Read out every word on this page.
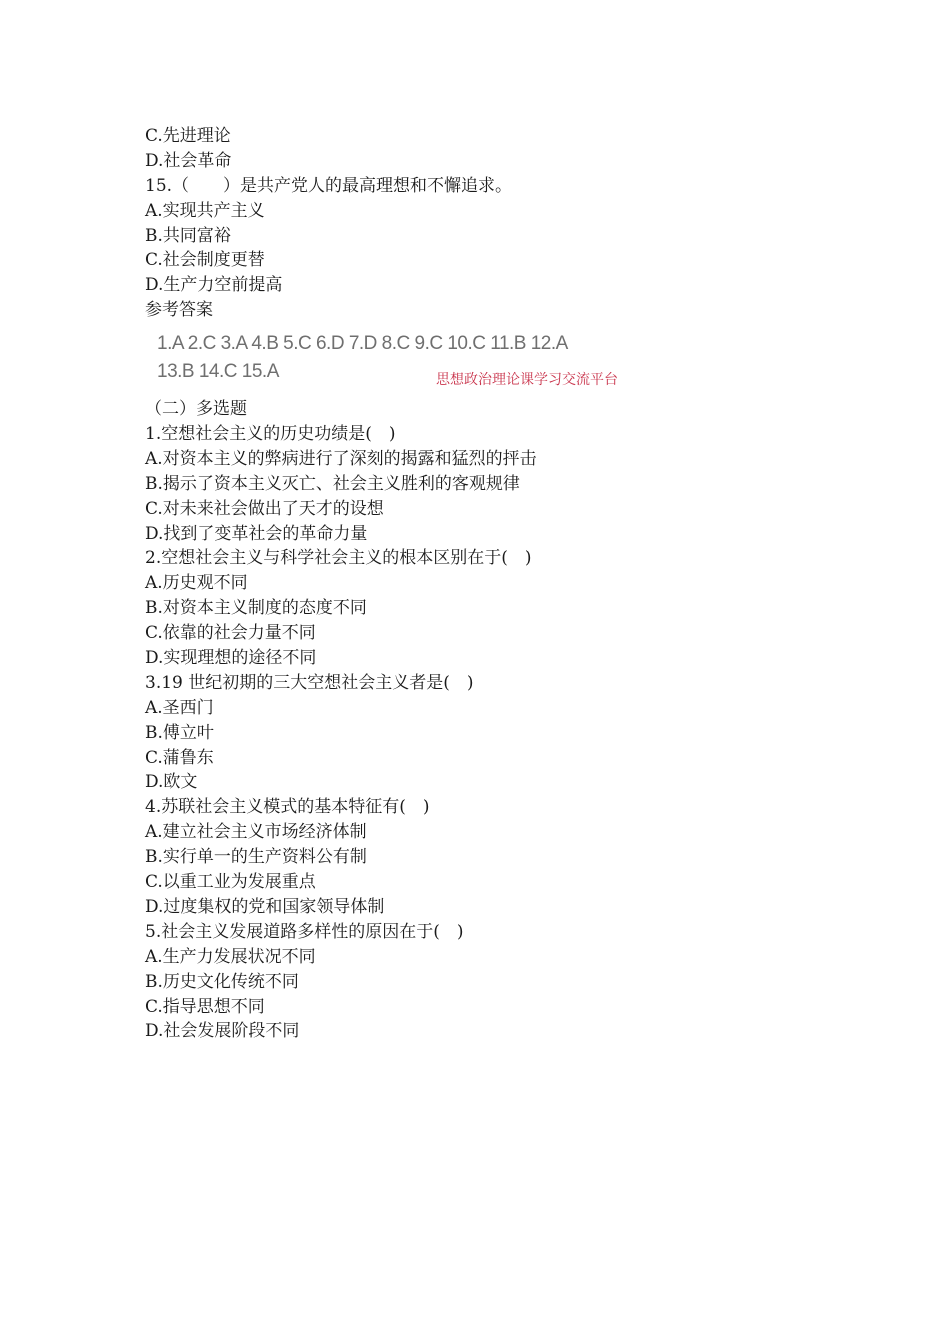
C.先进理论
D.社会革命
15.（　　）是共产党人的最高理想和不懈追求。
A.实现共产主义
B.共同富裕
C.社会制度更替
D.生产力空前提高
参考答案
1.A 2.C 3.A 4.B 5.C 6.D 7.D 8.C 9.C 10.C 11.B 12.A
13.B 14.C 15.A	思想政治理论课学习交流平台
（二）多选题
1.空想社会主义的历史功绩是(　)
A.对资本主义的弊病进行了深刻的揭露和猛烈的抨击
B.揭示了资本主义灭亡、社会主义胜利的客观规律
C.对未来社会做出了天才的设想
D.找到了变革社会的革命力量
2.空想社会主义与科学社会主义的根本区别在于(　)
A.历史观不同
B.对资本主义制度的态度不同
C.依靠的社会力量不同
D.实现理想的途径不同
3.19 世纪初期的三大空想社会主义者是(　)
A.圣西门
B.傅立叶
C.蒲鲁东
D.欧文
4.苏联社会主义模式的基本特征有(　)
A.建立社会主义市场经济体制
B.实行单一的生产资料公有制
C.以重工业为发展重点
D.过度集权的党和国家领导体制
5.社会主义发展道路多样性的原因在于(　)
A.生产力发展状况不同
B.历史文化传统不同
C.指导思想不同
D.社会发展阶段不同
